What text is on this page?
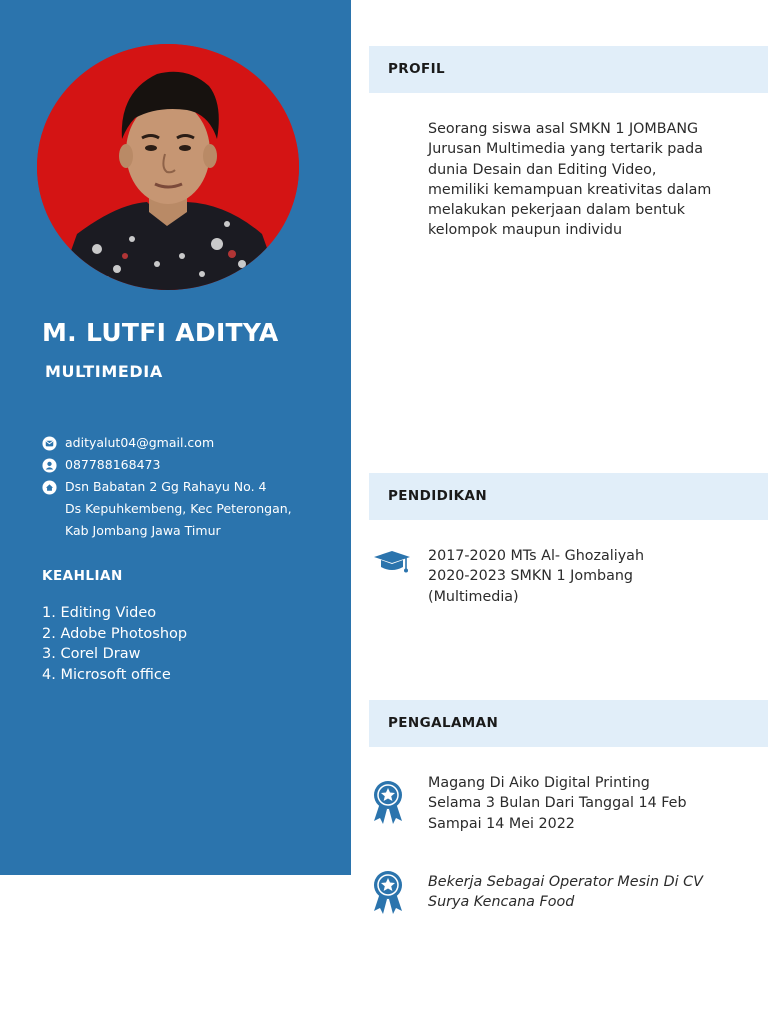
M. LUTFI ADITYA
MULTIMEDIA
adityalut04@gmail.com
087788168473
Dsn Babatan 2 Gg Rahayu No. 4
Ds Kepuhkembeng, Kec Peterongan,
Kab Jombang Jawa Timur
KEAHLIAN
1. Editing Video
2. Adobe Photoshop
3. Corel Draw
4. Microsoft office
PROFIL
Seorang siswa asal SMKN 1 JOMBANG
Jurusan Multimedia yang tertarik pada
dunia Desain dan Editing Video,
memiliki kemampuan kreativitas dalam
melakukan pekerjaan dalam bentuk
kelompok maupun individu
PENDIDIKAN
2017-2020 MTs Al- Ghozaliyah
2020-2023 SMKN 1 Jombang
(Multimedia)
PENGALAMAN
Magang Di Aiko Digital Printing
Selama 3 Bulan Dari Tanggal 14 Feb
Sampai 14 Mei 2022
Bekerja Sebagai Operator Mesin Di CV
Surya Kencana Food
